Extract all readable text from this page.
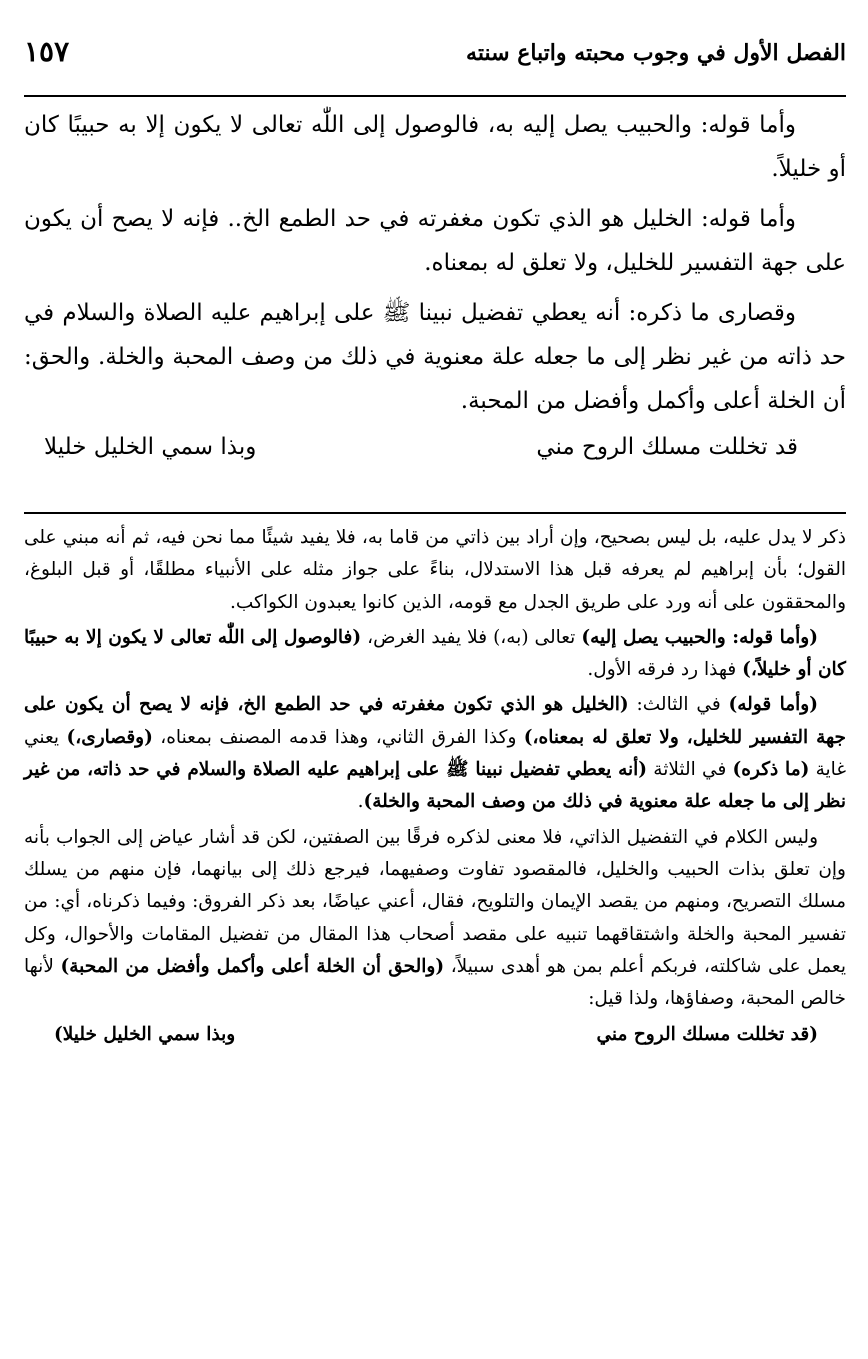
الفصل الأول في وجوب محبته واتباع سنته
١٥٧

وأما قوله: والحبيب يصل إليه به، فالوصول إلى اللّٰه تعالى لا يكون إلا به حبيبًا كان أو خليلاً.

وأما قوله: الخليل هو الذي تكون مغفرته في حد الطمع الخ.. فإنه لا يصح أن يكون على جهة التفسير للخليل، ولا تعلق له بمعناه.

وقصارى ما ذكره: أنه يعطي تفضيل نبينا ﷺ على إبراهيم عليه الصلاة والسلام في حد ذاته من غير نظر إلى ما جعله علة معنوية في ذلك من وصف المحبة والخلة. والحق: أن الخلة أعلى وأكمل وأفضل من المحبة.

قد تخللت مسلك الروح مني
وبذا سمي الخليل خليلا

ذكر لا يدل عليه، بل ليس بصحيح، وإن أراد بين ذاتي من قاما به، فلا يفيد شيئًا مما نحن فيه، ثم أنه مبني على القول؛ بأن إبراهيم لم يعرفه قبل هذا الاستدلال، بناءً على جواز مثله على الأنبياء مطلقًا، أو قبل البلوغ، والمحققون على أنه ورد على طريق الجدل مع قومه، الذين كانوا يعبدون الكواكب.

(وأما قوله: والحبيب يصل إليه) تعالى (به،) فلا يفيد الغرض، (فالوصول إلى اللّٰه تعالى لا يكون إلا به حبيبًا كان أو خليلاً،) فهذا رد فرقه الأول.

(وأما قوله) في الثالث: (الخليل هو الذي تكون مغفرته في حد الطمع الخ، فإنه لا يصح أن يكون على جهة التفسير للخليل، ولا تعلق له بمعناه،) وكذا الفرق الثاني، وهذا قدمه المصنف بمعناه، (وقصارى،) يعني غاية (ما ذكره) في الثلاثة (أنه يعطي تفضيل نبينا ﷺ على إبراهيم عليه الصلاة والسلام في حد ذاته، من غير نظر إلى ما جعله علة معنوية في ذلك من وصف المحبة والخلة).

وليس الكلام في التفضيل الذاتي، فلا معنى لذكره فرقًا بين الصفتين، لكن قد أشار عياض إلى الجواب بأنه وإن تعلق بذات الحبيب والخليل، فالمقصود تفاوت وصفيهما، فيرجع ذلك إلى بيانهما، فإن منهم من يسلك مسلك التصريح، ومنهم من يقصد الإيمان والتلويح، فقال، أعني عياضًا، بعد ذكر الفروق: وفيما ذكرناه، أي: من تفسير المحبة والخلة واشتقاقهما تنبيه على مقصد أصحاب هذا المقال من تفضيل المقامات والأحوال، وكل يعمل على شاكلته، فربكم أعلم بمن هو أهدى سبيلاً، (والحق أن الخلة أعلى وأكمل وأفضل من المحبة) لأنها خالص المحبة، وصفاؤها، ولذا قيل:

(قد تخللت مسلك الروح مني
وبذا سمي الخليل خليلا)
